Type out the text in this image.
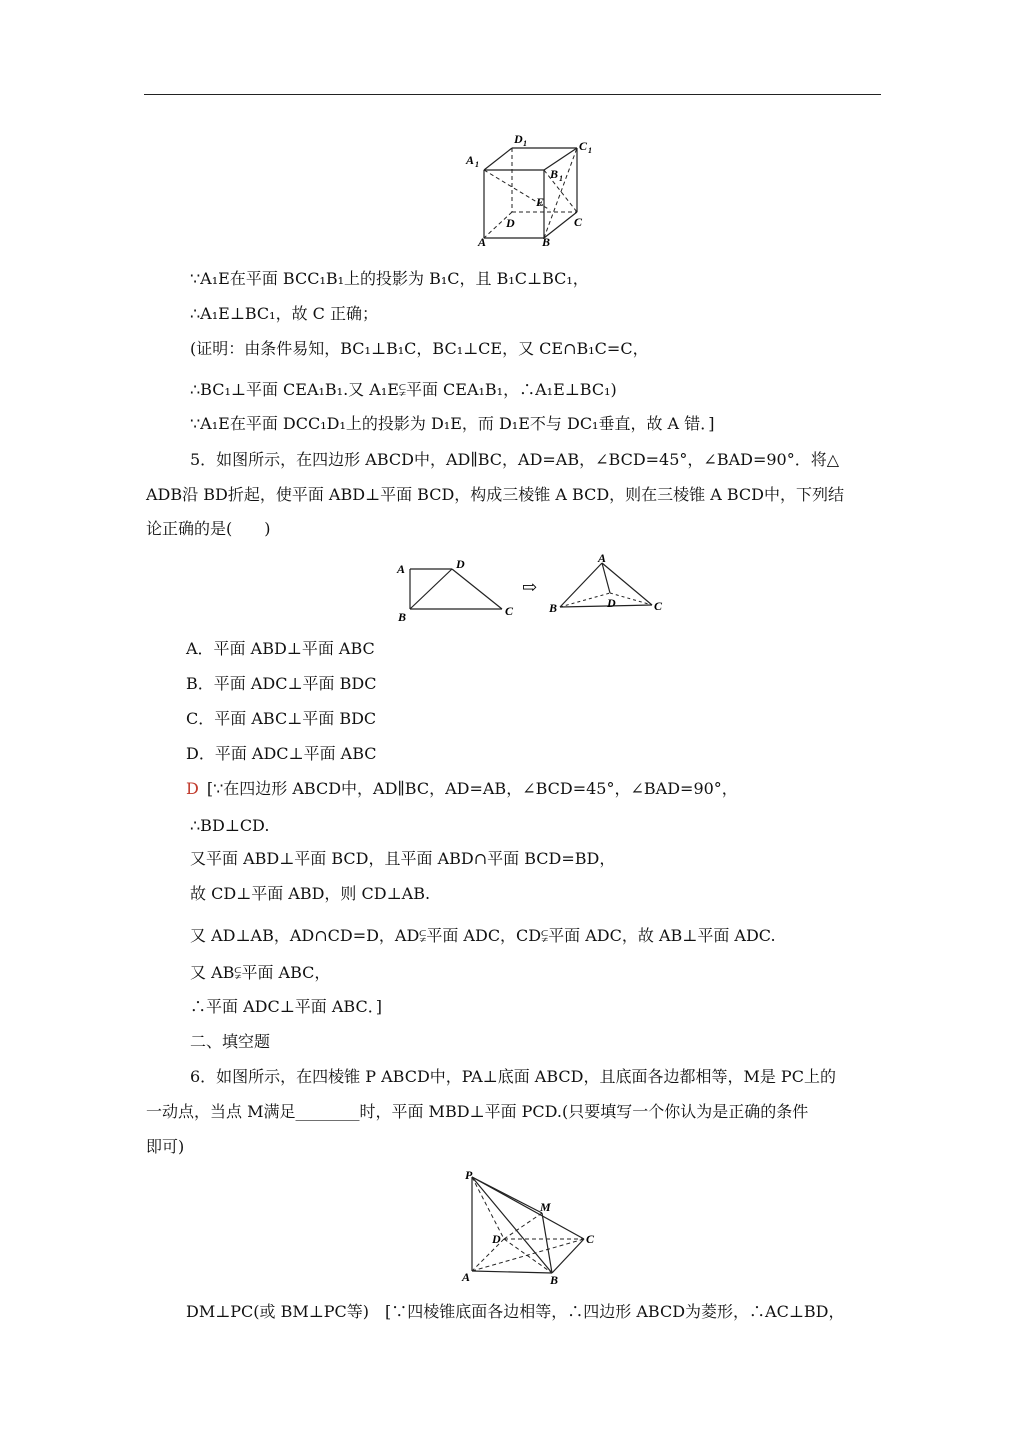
A 1
D 1	C 1
B 1
E
D	C
A	B
∵A₁E在平面 BCC₁B₁上的投影为 B₁C，且 B₁C⊥BC₁，
∴A₁E⊥BC₁，故 C 正确；
(证明：由条件易知，BC₁⊥B₁C，BC₁⊥CE，又 CE∩B₁C=C，
∴BC₁⊥平面 CEA₁B₁.又 A₁E⫋平面 CEA₁B₁，∴A₁E⊥BC₁)
∵A₁E在平面 DCC₁D₁上的投影为 D₁E，而 D₁E不与 DC₁垂直，故 A 错．]
5．如图所示，在四边形 ABCD中，AD∥BC，AD=AB，∠BCD=45°，∠BAD=90°．将△
ADB沿 BD折起，使平面 ABD⊥平面 BCD，构成三棱锥 A BCD，则在三棱锥 A BCD中，下列结
论正确的是(　　)
A	D
B	C
⇨
A
B	D	C
A．平面 ABD⊥平面 ABC
B．平面 ADC⊥平面 BDC
C．平面 ABC⊥平面 BDC
D．平面 ADC⊥平面 ABC
D  [∵在四边形 ABCD中，AD∥BC，AD=AB，∠BCD=45°，∠BAD=90°，
∴BD⊥CD.
又平面 ABD⊥平面 BCD，且平面 ABD∩平面 BCD=BD，
故 CD⊥平面 ABD，则 CD⊥AB.
又 AD⊥AB，AD∩CD=D，AD⫋平面 ADC，CD⫋平面 ADC，故 AB⊥平面 ADC.
又 AB⫋平面 ABC，
∴平面 ADC⊥平面 ABC．]
二、填空题
6．如图所示，在四棱锥 P ABCD中，PA⊥底面 ABCD，且底面各边都相等，M是 PC上的
一动点，当点 M满足________时，平面 MBD⊥平面 PCD.(只要填写一个你认为是正确的条件
即可)
P
M
D	C
A	B
DM⊥PC(或 BM⊥PC等)　[∵四棱锥底面各边相等，∴四边形 ABCD为菱形，∴AC⊥BD，
